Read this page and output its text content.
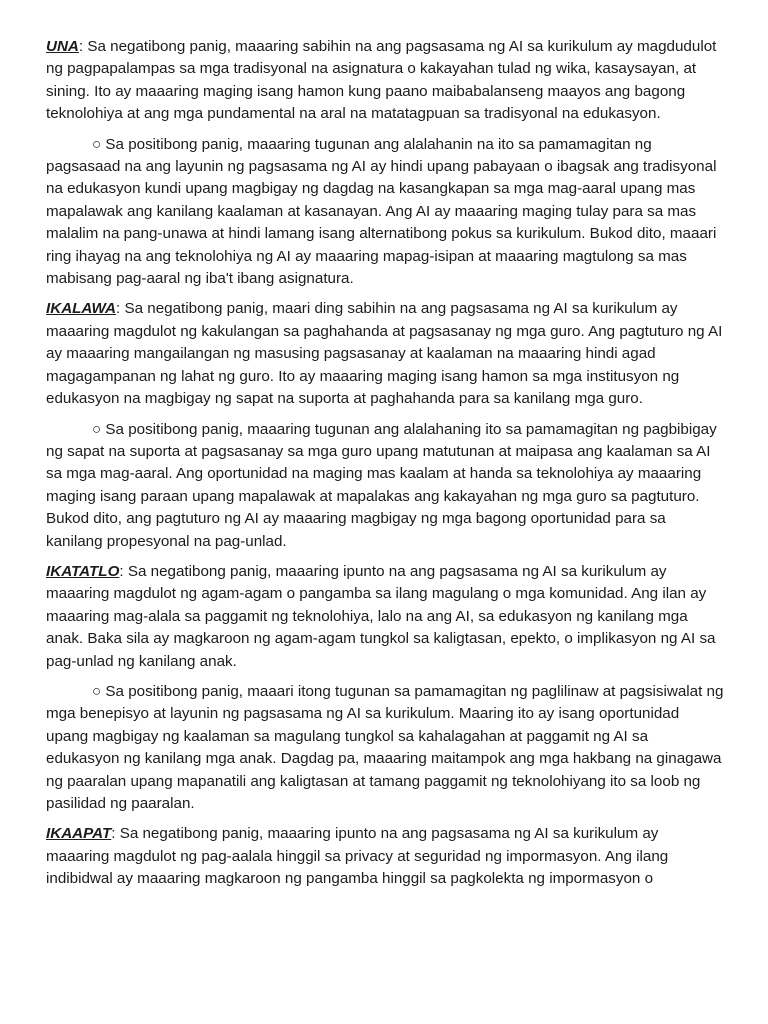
UNA: Sa negatibong panig, maaaring sabihin na ang pagsasama ng AI sa kurikulum ay magdudulot ng pagpapalampas sa mga tradisyonal na asignatura o kakayahan tulad ng wika, kasaysayan, at sining. Ito ay maaaring maging isang hamon kung paano maibabalanseng maayos ang bagong teknolohiya at ang mga pundamental na aral na matatagpuan sa tradisyonal na edukasyon.

○ Sa positibong panig, maaaring tugunan ang alalahanin na ito sa pamamagitan ng pagsasaad na ang layunin ng pagsasama ng AI ay hindi upang pabayaan o ibagsak ang tradisyonal na edukasyon kundi upang magbigay ng dagdag na kasangkapan sa mga mag-aaral upang mas mapalawak ang kanilang kaalaman at kasanayan. Ang AI ay maaaring maging tulay para sa mas malalim na pang-unawa at hindi lamang isang alternatibong pokus sa kurikulum. Bukod dito, maaari ring ihayag na ang teknolohiya ng AI ay maaaring mapag-isipan at maaaring magtulong sa mas mabisang pag-aaral ng iba't ibang asignatura.

IKALAWA: Sa negatibong panig, maari ding sabihin na ang pagsasama ng AI sa kurikulum ay maaaring magdulot ng kakulangan sa paghahanda at pagsasanay ng mga guro. Ang pagtuturo ng AI ay maaaring mangailangan ng masusing pagsasanay at kaalaman na maaaring hindi agad magagampanan ng lahat ng guro. Ito ay maaaring maging isang hamon sa mga institusyon ng edukasyon na magbigay ng sapat na suporta at paghahanda para sa kanilang mga guro.

○ Sa positibong panig, maaaring tugunan ang alalahaning ito sa pamamagitan ng pagbibigay ng sapat na suporta at pagsasanay sa mga guro upang matutunan at maipasa ang kaalaman sa AI sa mga mag-aaral. Ang oportunidad na maging mas kaalam at handa sa teknolohiya ay maaaring maging isang paraan upang mapalawak at mapalakas ang kakayahan ng mga guro sa pagtuturo. Bukod dito, ang pagtuturo ng AI ay maaaring magbigay ng mga bagong oportunidad para sa kanilang propesyonal na pag-unlad.

IKATATLO: Sa negatibong panig, maaaring ipunto na ang pagsasama ng AI sa kurikulum ay maaaring magdulot ng agam-agam o pangamba sa ilang magulang o mga komunidad. Ang ilan ay maaaring mag-alala sa paggamit ng teknolohiya, lalo na ang AI, sa edukasyon ng kanilang mga anak. Baka sila ay magkaroon ng agam-agam tungkol sa kaligtasan, epekto, o implikasyon ng AI sa pag-unlad ng kanilang anak.

○ Sa positibong panig, maaari itong tugunan sa pamamagitan ng paglilinaw at pagsisiwalat ng mga benepisyo at layunin ng pagsasama ng AI sa kurikulum. Maaring ito ay isang oportunidad upang magbigay ng kaalaman sa magulang tungkol sa kahalagahan at paggamit ng AI sa edukasyon ng kanilang mga anak. Dagdag pa, maaaring maitampok ang mga hakbang na ginagawa ng paaralan upang mapanatili ang kaligtasan at tamang paggamit ng teknolohiyang ito sa loob ng pasilidad ng paaralan.

IKAAPAT: Sa negatibong panig, maaaring ipunto na ang pagsasama ng AI sa kurikulum ay maaaring magdulot ng pag-aalala hinggil sa privacy at seguridad ng impormasyon. Ang ilang indibidwal ay maaaring magkaroon ng pangamba hinggil sa pagkolekta ng impormasyon o
